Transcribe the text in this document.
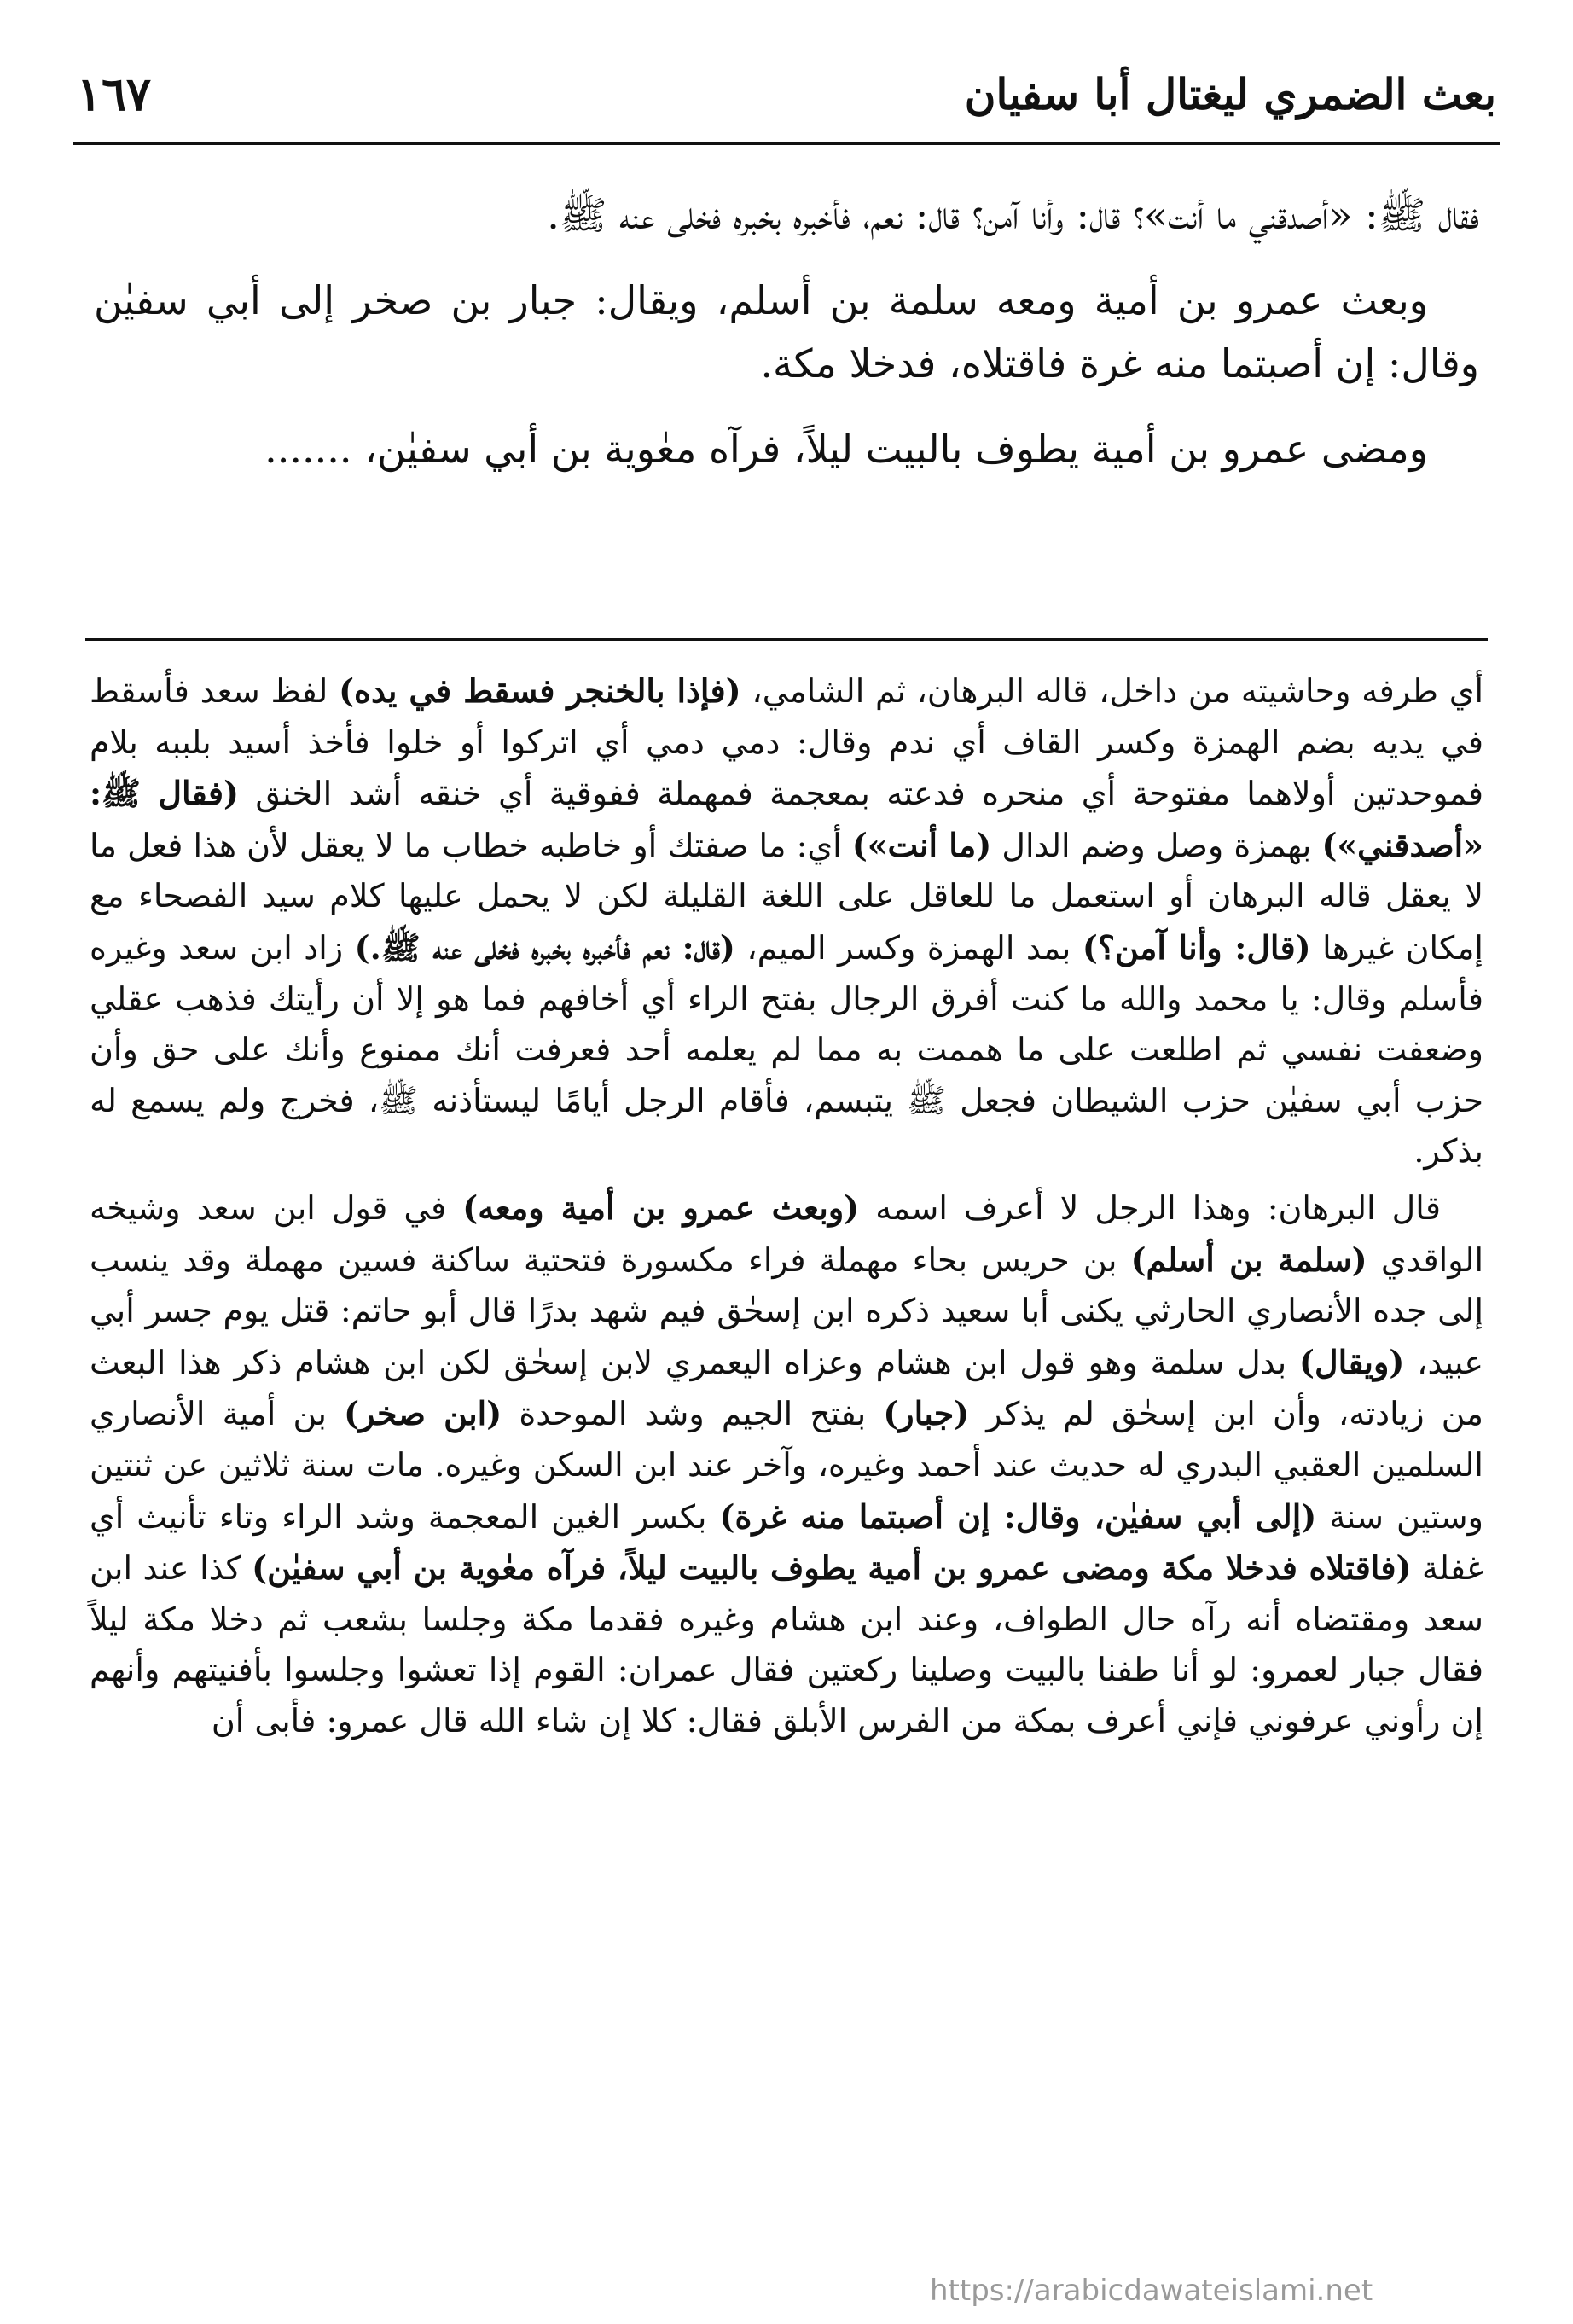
بعث الضمري ليغتال أبا سفيان
١٦٧

فقال ﷺ: «أصدقني ما أنت»؟ قال: وأنا آمن؟ قال: نعم، فأخبره بخبره فخلى عنه ﷺ.

وبعث عمرو بن أمية ومعه سلمة بن أسلم، ويقال: جبار بن صخر إلى أبي سفيٰن وقال: إن أصبتما منه غرة فاقتلاه، فدخلا مكة.

ومضى عمرو بن أمية يطوف بالبيت ليلاً، فرآه معٰوية بن أبي سفيٰن، .......

أي طرفه وحاشيته من داخل، قاله البرهان، ثم الشامي، (فإذا بالخنجر فسقط في يده) لفظ سعد فأسقط في يديه بضم الهمزة وكسر القاف أي ندم وقال: دمي دمي أي اتركوا أو خلوا فأخذ أسيد بلببه بلام فموحدتين أولاهما مفتوحة أي منحره فدعته بمعجمة فمهملة ففوقية أي خنقه أشد الخنق (فقال ﷺ: «أصدقني») بهمزة وصل وضم الدال (ما أنت») أي: ما صفتك أو خاطبه خطاب ما لا يعقل لأن هذا فعل ما لا يعقل قاله البرهان أو استعمل ما للعاقل على اللغة القليلة لكن لا يحمل عليها كلام سيد الفصحاء مع إمكان غيرها (قال: وأنا آمن؟) بمد الهمزة وكسر الميم، (قال: نعم فأخبره بخبره فخلى عنه ﷺ.) زاد ابن سعد وغيره فأسلم وقال: يا محمد والله ما كنت أفرق الرجال بفتح الراء أي أخافهم فما هو إلا أن رأيتك فذهب عقلي وضعفت نفسي ثم اطلعت على ما هممت به مما لم يعلمه أحد فعرفت أنك ممنوع وأنك على حق وأن حزب أبي سفيٰن حزب الشيطان فجعل ﷺ يتبسم، فأقام الرجل أيامًا ليستأذنه ﷺ، فخرج ولم يسمع له بذكر.

قال البرهان: وهذا الرجل لا أعرف اسمه (وبعث عمرو بن أمية ومعه) في قول ابن سعد وشيخه الواقدي (سلمة بن أسلم) بن حريس بحاء مهملة فراء مكسورة فتحتية ساكنة فسين مهملة وقد ينسب إلى جده الأنصاري الحارثي يكنى أبا سعيد ذكره ابن إسحٰق فيم شهد بدرًا قال أبو حاتم: قتل يوم جسر أبي عبيد، (ويقال) بدل سلمة وهو قول ابن هشام وعزاه اليعمري لابن إسحٰق لكن ابن هشام ذكر هذا البعث من زيادته، وأن ابن إسحٰق لم يذكر (جبار) بفتح الجيم وشد الموحدة (ابن صخر) بن أمية الأنصاري السلمين العقبي البدري له حديث عند أحمد وغيره، وآخر عند ابن السكن وغيره. مات سنة ثلاثين عن ثنتين وستين سنة (إلى أبي سفيٰن، وقال: إن أصبتما منه غرة) بكسر الغين المعجمة وشد الراء وتاء تأنيث أي غفلة (فاقتلاه فدخلا مكة ومضى عمرو بن أمية يطوف بالبيت ليلاً، فرآه معٰوية بن أبي سفيٰن) كذا عند ابن سعد ومقتضاه أنه رآه حال الطواف، وعند ابن هشام وغيره فقدما مكة وجلسا بشعب ثم دخلا مكة ليلاً فقال جبار لعمرو: لو أنا طفنا بالبيت وصلينا ركعتين فقال عمران: القوم إذا تعشوا وجلسوا بأفنيتهم وأنهم إن رأوني عرفوني فإني أعرف بمكة من الفرس الأبلق فقال: كلا إن شاء الله قال عمرو: فأبى أن

https://arabicdawateislami.net
